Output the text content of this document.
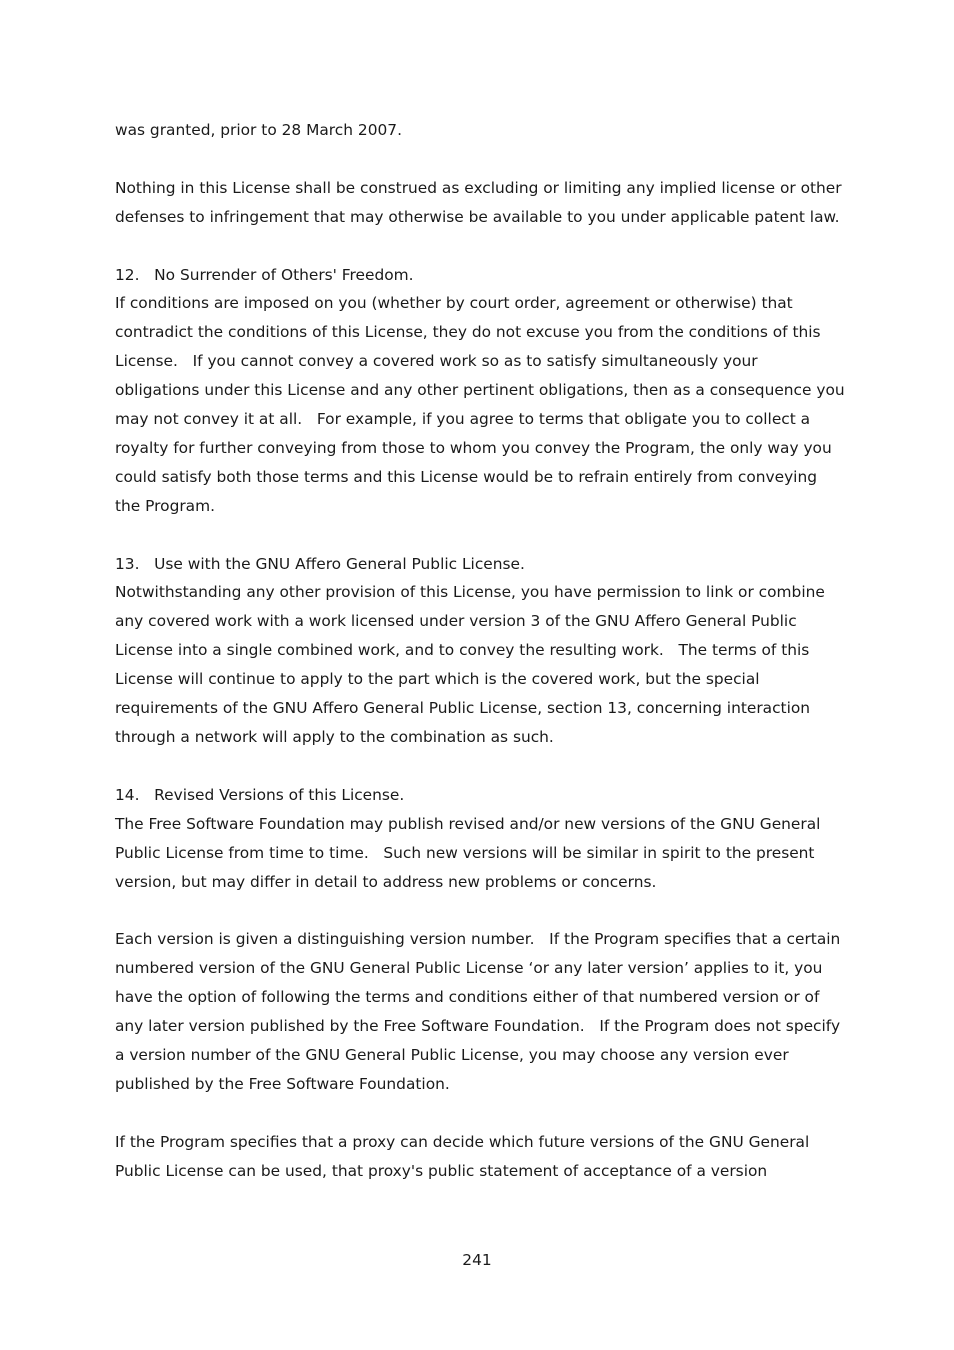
was granted, prior to 28 March 2007.

Nothing in this License shall be construed as excluding or limiting any implied license or other defenses to infringement that may otherwise be available to you under applicable patent law.

12.   No Surrender of Others' Freedom.

If conditions are imposed on you (whether by court order, agreement or otherwise) that contradict the conditions of this License, they do not excuse you from the conditions of this License.   If you cannot convey a covered work so as to satisfy simultaneously your obligations under this License and any other pertinent obligations, then as a consequence you may not convey it at all.   For example, if you agree to terms that obligate you to collect a royalty for further conveying from those to whom you convey the Program, the only way you could satisfy both those terms and this License would be to refrain entirely from conveying the Program.

13.   Use with the GNU Affero General Public License.

Notwithstanding any other provision of this License, you have permission to link or combine any covered work with a work licensed under version 3 of the GNU Affero General Public License into a single combined work, and to convey the resulting work.   The terms of this License will continue to apply to the part which is the covered work, but the special requirements of the GNU Affero General Public License, section 13, concerning interaction through a network will apply to the combination as such.

14.   Revised Versions of this License.

The Free Software Foundation may publish revised and/or new versions of the GNU General Public License from time to time.   Such new versions will be similar in spirit to the present version, but may differ in detail to address new problems or concerns.

Each version is given a distinguishing version number.   If the Program specifies that a certain numbered version of the GNU General Public License ‘or any later version’ applies to it, you have the option of following the terms and conditions either of that numbered version or of any later version published by the Free Software Foundation.   If the Program does not specify a version number of the GNU General Public License, you may choose any version ever published by the Free Software Foundation.

If the Program specifies that a proxy can decide which future versions of the GNU General Public License can be used, that proxy's public statement of acceptance of a version

241
